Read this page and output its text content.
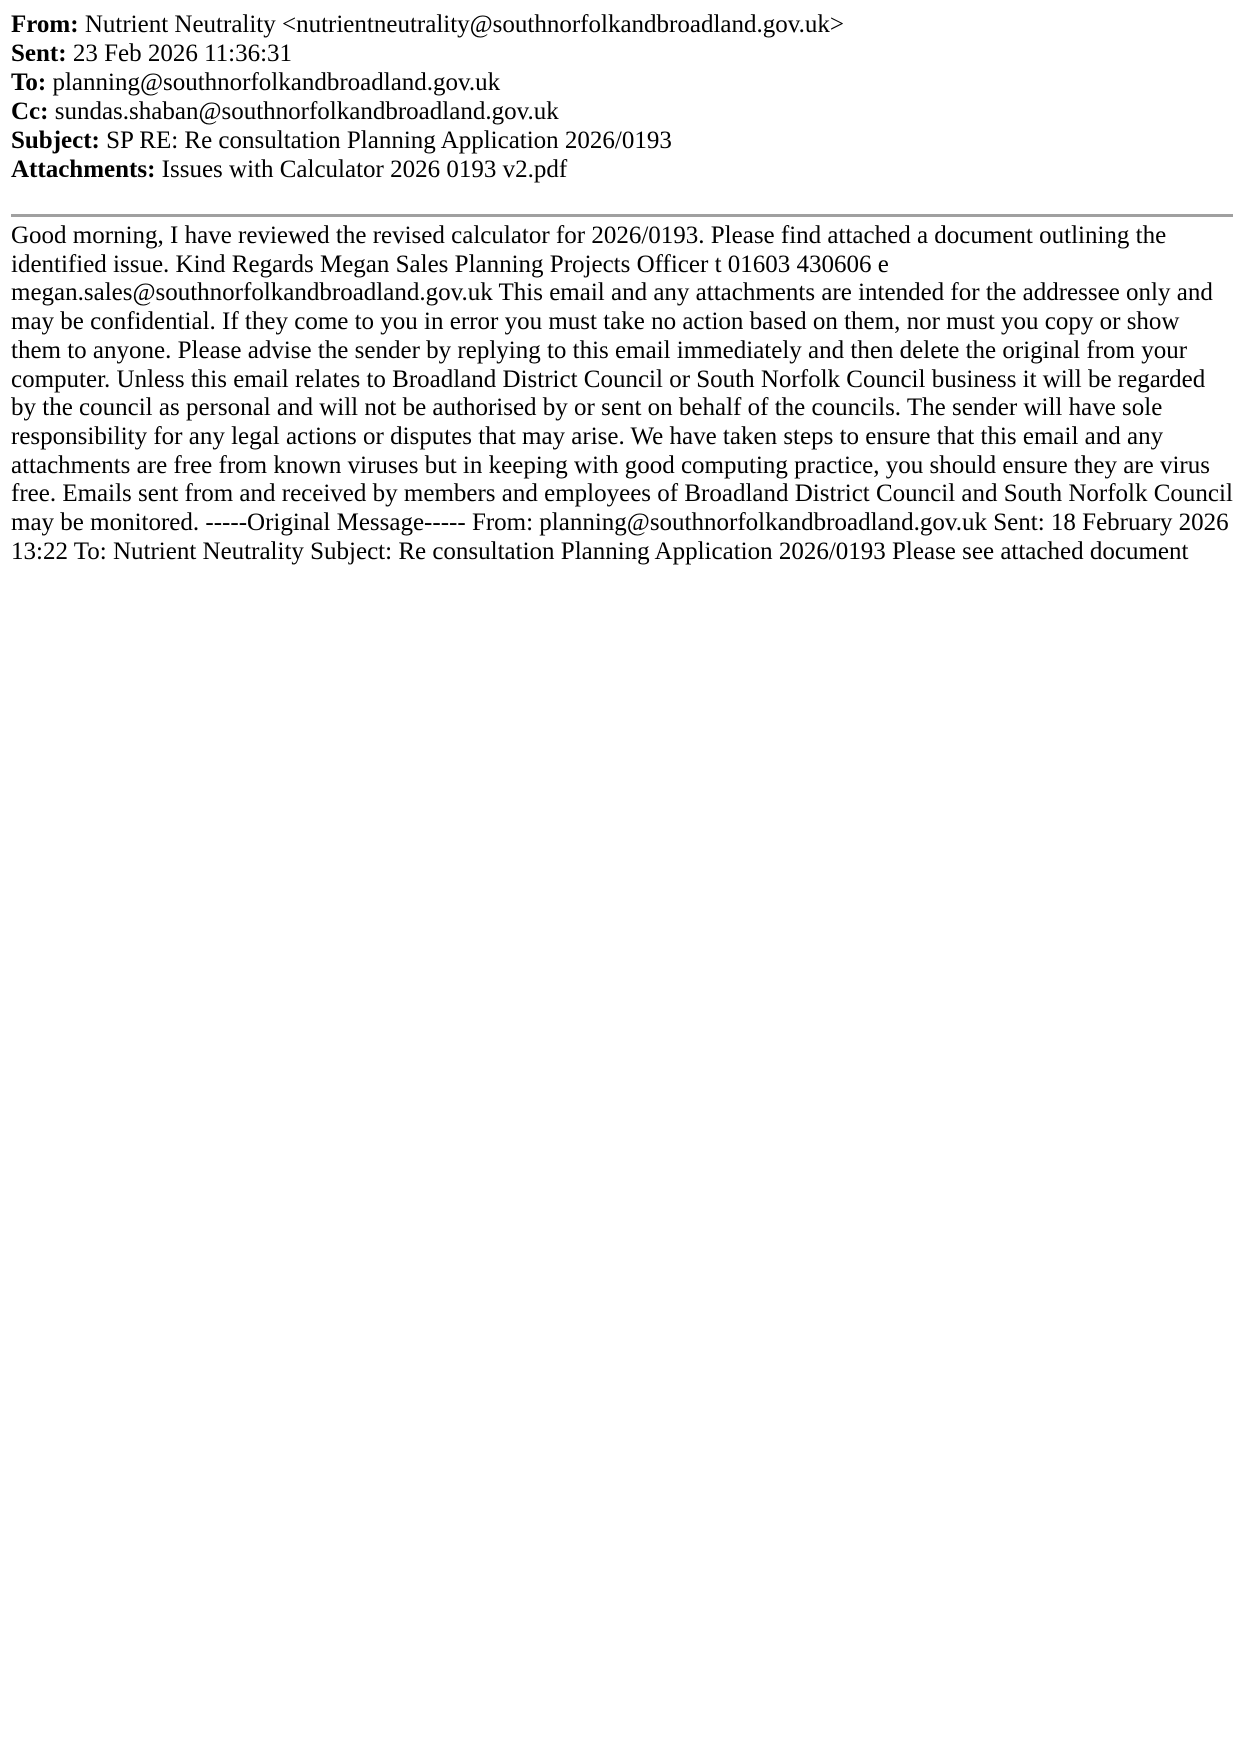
From: Nutrient Neutrality <nutrientneutrality@southnorfolkandbroadland.gov.uk>
Sent: 23 Feb 2026 11:36:31
To: planning@southnorfolkandbroadland.gov.uk
Cc: sundas.shaban@southnorfolkandbroadland.gov.uk
Subject: SP RE: Re consultation Planning Application 2026/0193
Attachments: Issues with Calculator 2026 0193 v2.pdf
Good morning, I have reviewed the revised calculator for 2026/0193. Please find attached a document outlining the identified issue. Kind Regards Megan Sales Planning Projects Officer t 01603 430606 e megan.sales@southnorfolkandbroadland.gov.uk This email and any attachments are intended for the addressee only and may be confidential. If they come to you in error you must take no action based on them, nor must you copy or show them to anyone. Please advise the sender by replying to this email immediately and then delete the original from your computer. Unless this email relates to Broadland District Council or South Norfolk Council business it will be regarded by the council as personal and will not be authorised by or sent on behalf of the councils. The sender will have sole responsibility for any legal actions or disputes that may arise. We have taken steps to ensure that this email and any attachments are free from known viruses but in keeping with good computing practice, you should ensure they are virus free. Emails sent from and received by members and employees of Broadland District Council and South Norfolk Council may be monitored. -----Original Message----- From: planning@southnorfolkandbroadland.gov.uk Sent: 18 February 2026 13:22 To: Nutrient Neutrality Subject: Re consultation Planning Application 2026/0193 Please see attached document
